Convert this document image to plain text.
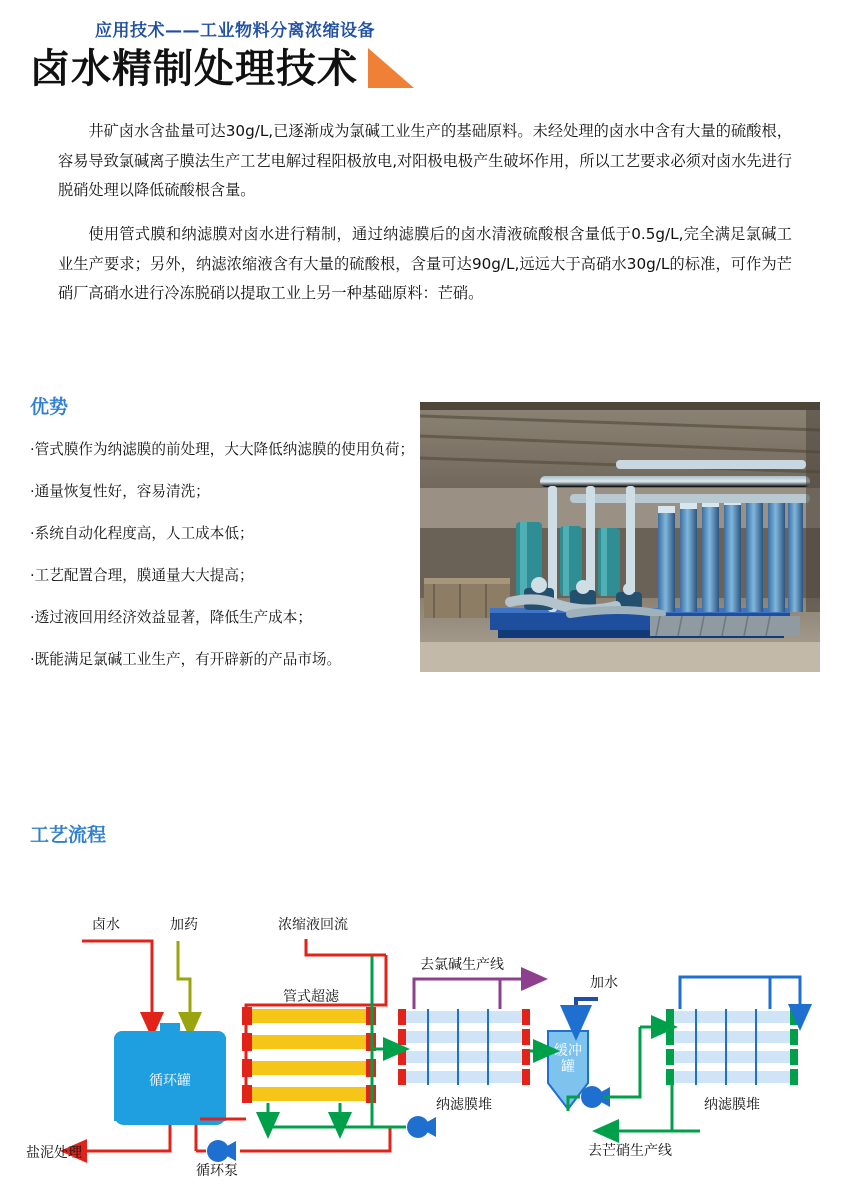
应用技术——工业物料分离浓缩设备
卤水精制处理技术

井矿卤水含盐量可达30g/L,已逐渐成为氯碱工业生产的基础原料。未经处理的卤水中含有大量的硫酸根，容易导致氯碱离子膜法生产工艺电解过程阳极放电,对阳极电极产生破坏作用，所以工艺要求必须对卤水先进行脱硝处理以降低硫酸根含量。

使用管式膜和纳滤膜对卤水进行精制，通过纳滤膜后的卤水清液硫酸根含量低于0.5g/L,完全满足氯碱工业生产要求；另外，纳滤浓缩液含有大量的硫酸根，含量可达90g/L,远远大于高硝水30g/L的标准，可作为芒硝厂高硝水进行冷冻脱硝以提取工业上另一种基础原料：芒硝。

优势
·管式膜作为纳滤膜的前处理，大大降低纳滤膜的使用负荷；
·通量恢复性好，容易清洗；
·系统自动化程度高，人工成本低；
·工艺配置合理，膜通量大大提高；
·透过液回用经济效益显著，降低生产成本；
·既能满足氯碱工业生产，有开辟新的产品市场。
工艺流程
卤水	加药	浓缩液回流
去氯碱生产线
加水
管式超滤
循环罐
纳滤膜堆
缓冲
罐
纳滤膜堆
盐泥处理
循环泵
去芒硝生产线
